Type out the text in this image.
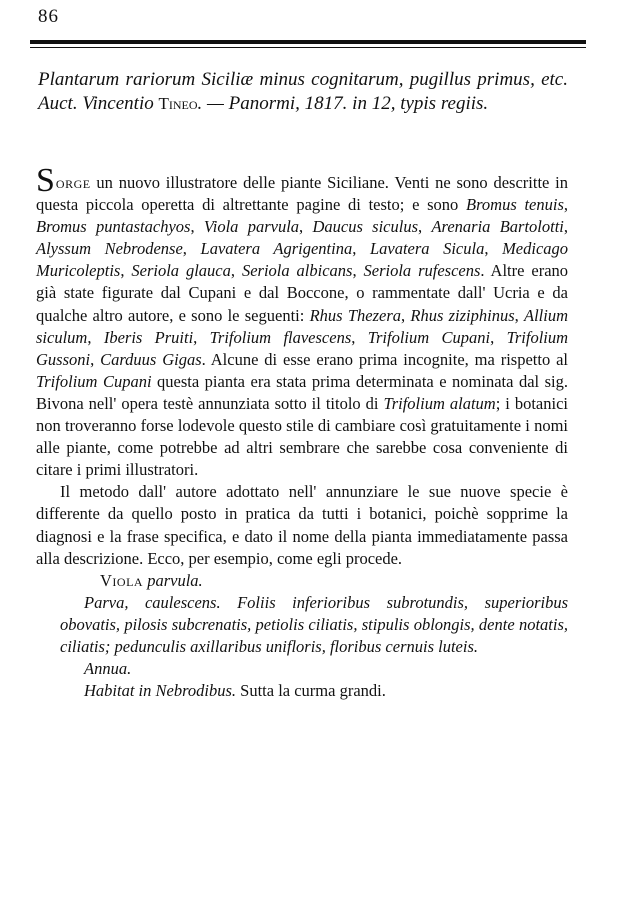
86
Plantarum rariorum Siciliæ minus cognitarum, pugillus primus, etc. Auct. Vincentio Tineo. — Panormi, 1817. in 12, typis regiis.

Sorge un nuovo illustratore delle piante Siciliane. Venti ne sono descritte in questa piccola operetta di altrettante pagine di testo; e sono Bromus tenuis, Bromus puntastachyos, Viola parvula, Daucus siculus, Arenaria Bartolotti, Alyssum Nebrodense, Lavatera Agrigentina, Lavatera Sicula, Medicago Muricoleptis, Seriola glauca, Seriola albicans, Seriola rufescens. Altre erano già state figurate dal Cupani e dal Boccone, o rammentate dall' Ucria e da qualche altro autore, e sono le seguenti: Rhus Thezera, Rhus ziziphinus, Allium siculum, Iberis Pruiti, Trifolium flavescens, Trifolium Cupani, Trifolium Gussoni, Carduus Gigas. Alcune di esse erano prima incognite, ma rispetto al Trifolium Cupani questa pianta era stata prima determinata e nominata dal sig. Bivona nell' opera testè annunziata sotto il titolo di Trifolium alatum; i botanici non troveranno forse lodevole questo stile di cambiare così gratuitamente i nomi alle piante, come potrebbe ad altri sembrare che sarebbe cosa conveniente di citare i primi illustratori.

Il metodo dall' autore adottato nell' annunziare le sue nuove specie è differente da quello posto in pratica da tutti i botanici, poichè sopprime la diagnosi e la frase specifica, e dato il nome della pianta immediatamente passa alla descrizione. Ecco, per esempio, come egli procede.

Viola parvula.

Parva, caulescens. Foliis inferioribus subrotundis, superioribus obovatis, pilosis subcrenatis, petiolis ciliatis, stipulis oblongis, dente notatis, ciliatis; pedunculis axillaribus unifloris, floribus cernuis luteis.

Annua.

Habitat in Nebrodibus. Sutta la curma grandi.
